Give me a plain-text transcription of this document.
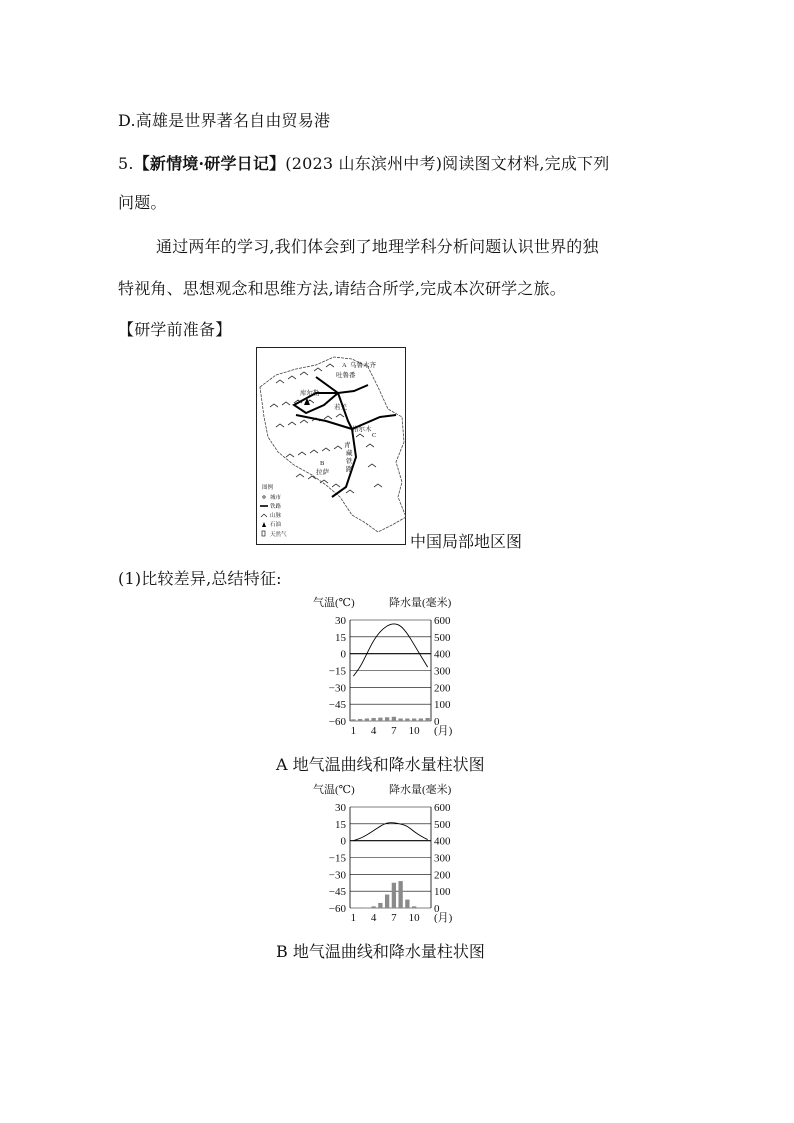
D.高雄是世界著名自由贸易港
5.【新情境·研学日记】(2023 山东滨州中考)阅读图文材料,完成下列
问题。
通过两年的学习,我们体会到了地理学科分析问题认识世界的独
特视角、思想观念和思维方法,请结合所学,完成本次研学之旅。
【研学前准备】
A 乌鲁木齐
吐鲁番
库尔勒
若羌
格尔木
C
B
拉萨
青
藏
铁
路
图例
城市
铁路
山脉
石油
天然气	中国局部地区图
(1)比较差异,总结特征:
气温(℃)	降水量(毫米)
30
15
0
−15
−30
−45
−60
600
500
400
300
200
100
0
1 4 7 10 (月)
A 地气温曲线和降水量柱状图
气温(℃)	降水量(毫米)
30
15
0
−15
−30
−45
−60
600
500
400
300
200
100
0
1 4 7 10 (月)
B 地气温曲线和降水量柱状图
